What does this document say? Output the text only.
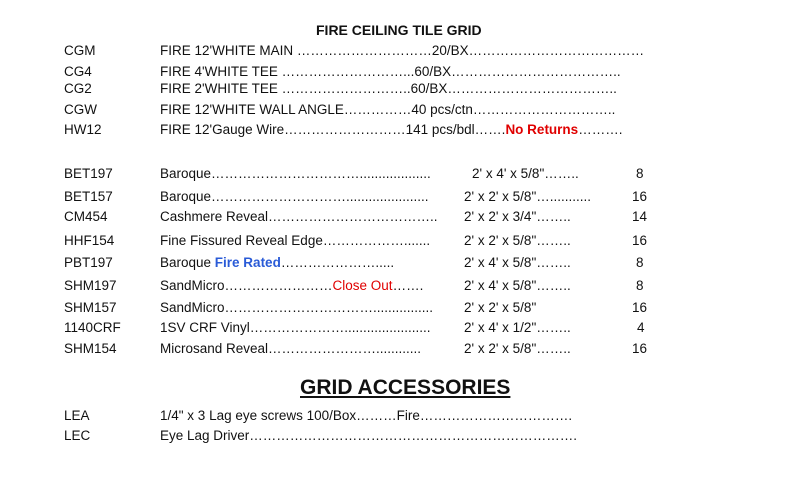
FIRE CEILING TILE GRID
CGM	FIRE 12'WHITE MAIN …………………………20/BX…………………………………
CG4	FIRE 4'WHITE TEE ………………………...60/BX………………………………..
CG2	FIRE 2'WHITE TEE ………………………..60/BX………………………………..
CGW	FIRE 12'WHITE WALL ANGLE……………40 pcs/ctn…………………………..
HW12	FIRE 12'Gauge Wire………………………141 pcs/bdl…….No Returns……….
BET197	Baroque……………………………...................	2' x 4' x 5/8"……..	8
BET157	Baroque…………………………......................	2' x 2' x 5/8"…...........	16
CM454	Cashmere Reveal……………………………….. 2' x 2' x 3/4"……..	14
HHF154	Fine Fissured Reveal Edge……………….......	2' x 2' x 5/8"……..	16
PBT197	Baroque Fire Rated………………….....	2' x 4' x 5/8"……..	8
SHM197	SandMicro……………………Close Out…….	2' x 4' x 5/8"……..	8
SHM157	SandMicro……………………………................ 2' x 2' x 5/8"	16
1140CRF	1SV CRF Vinyl…………………....................... 2' x 4' x 1/2"……..	4
SHM154	Microsand Reveal……………………............	2' x 2' x 5/8"……..	16
GRID ACCESSORIES
LEA	1/4" x 3 Lag eye screws 100/Box………Fire…………………………….
LEC	Eye Lag Driver……………………………………………………………….
